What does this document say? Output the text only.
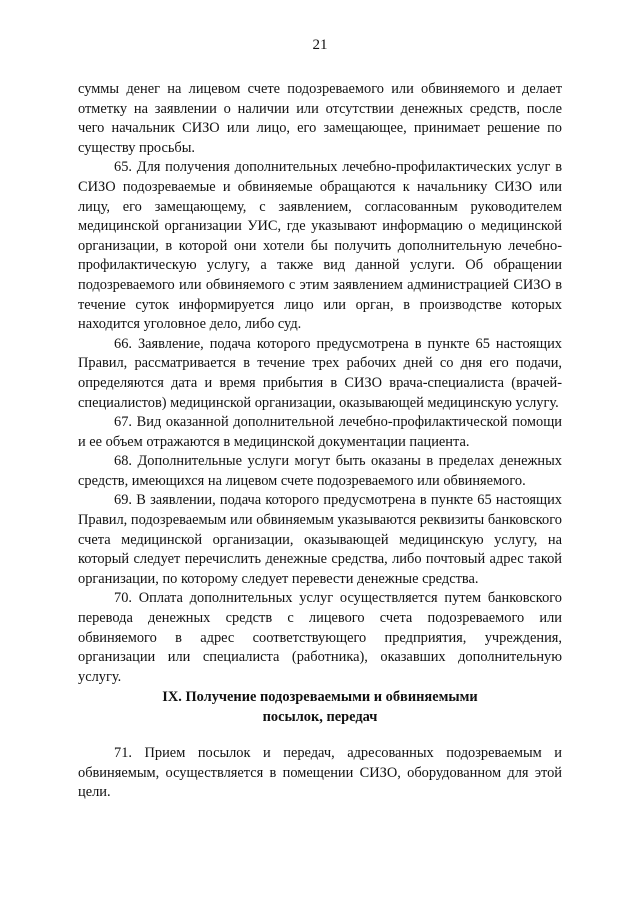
21

суммы денег на лицевом счете подозреваемого или обвиняемого и делает отметку на заявлении о наличии или отсутствии денежных средств, после чего начальник СИЗО или лицо, его замещающее, принимает решение по существу просьбы.

65. Для получения дополнительных лечебно-профилактических услуг в СИЗО подозреваемые и обвиняемые обращаются к начальнику СИЗО или лицу, его замещающему, с заявлением, согласованным руководителем медицинской организации УИС, где указывают информацию о медицинской организации, в которой они хотели бы получить дополнительную лечебно-профилактическую услугу, а также вид данной услуги. Об обращении подозреваемого или обвиняемого с этим заявлением администрацией СИЗО в течение суток информируется лицо или орган, в производстве которых находится уголовное дело, либо суд.

66. Заявление, подача которого предусмотрена в пункте 65 настоящих Правил, рассматривается в течение трех рабочих дней со дня его подачи, определяются дата и время прибытия в СИЗО врача-специалиста (врачей-специалистов) медицинской организации, оказывающей медицинскую услугу.

67. Вид оказанной дополнительной лечебно-профилактической помощи и ее объем отражаются в медицинской документации пациента.

68. Дополнительные услуги могут быть оказаны в пределах денежных средств, имеющихся на лицевом счете подозреваемого или обвиняемого.

69. В заявлении, подача которого предусмотрена в пункте 65 настоящих Правил, подозреваемым или обвиняемым указываются реквизиты банковского счета медицинской организации, оказывающей медицинскую услугу, на который следует перечислить денежные средства, либо почтовый адрес такой организации, по которому следует перевести денежные средства.

70. Оплата дополнительных услуг осуществляется путем банковского перевода денежных средств с лицевого счета подозреваемого или обвиняемого в адрес соответствующего предприятия, учреждения, организации или специалиста (работника), оказавших дополнительную услугу.

IX. Получение подозреваемыми и обвиняемыми
посылок, передач

71. Прием посылок и передач, адресованных подозреваемым и обвиняемым, осуществляется в помещении СИЗО, оборудованном для этой цели.
